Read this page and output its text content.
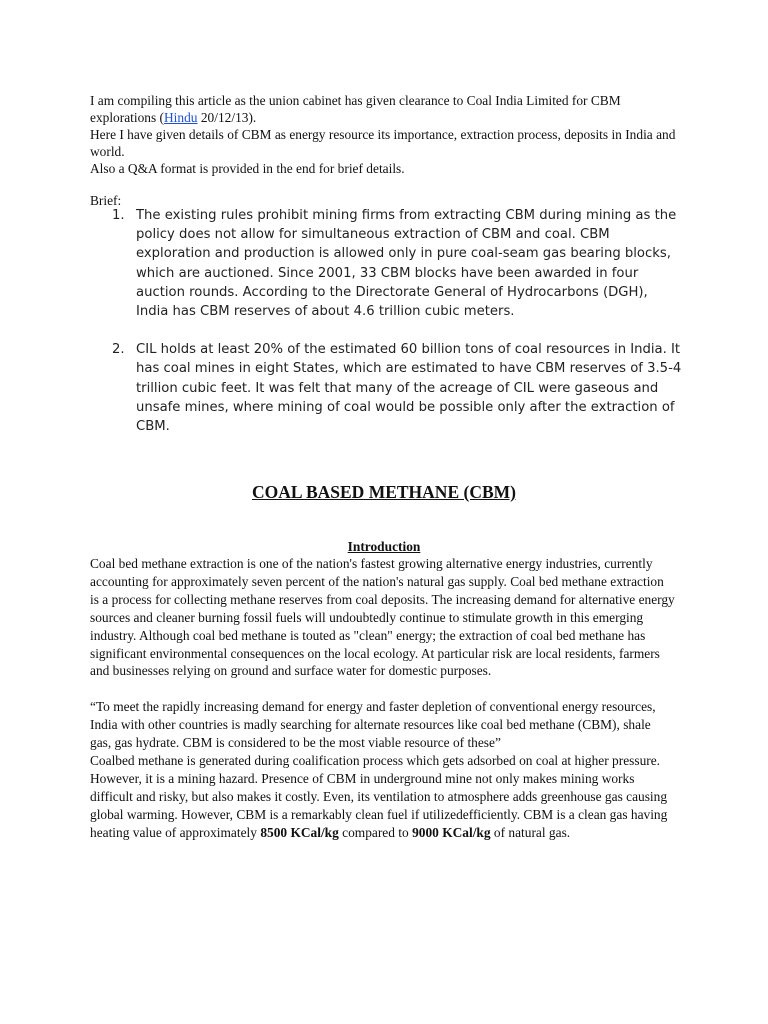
I am compiling this article as the union cabinet has given clearance to Coal India Limited for CBM explorations (Hindu 20/12/13).

Here I have given details of CBM as energy resource its importance, extraction process, deposits in India and world.

Also a Q&A format is provided in the end for brief details.

Brief:
1. The existing rules prohibit mining firms from extracting CBM during mining as the policy does not allow for simultaneous extraction of CBM and coal. CBM exploration and production is allowed only in pure coal-seam gas bearing blocks, which are auctioned. Since 2001, 33 CBM blocks have been awarded in four auction rounds. According to the Directorate General of Hydrocarbons (DGH), India has CBM reserves of about 4.6 trillion cubic meters.
2. CIL holds at least 20% of the estimated 60 billion tons of coal resources in India. It has coal mines in eight States, which are estimated to have CBM reserves of 3.5-4 trillion cubic feet. It was felt that many of the acreage of CIL were gaseous and unsafe mines, where mining of coal would be possible only after the extraction of CBM.
COAL BASED METHANE (CBM)
Introduction

Coal bed methane extraction is one of the nation's fastest growing alternative energy industries, currently accounting for approximately seven percent of the nation's natural gas supply. Coal bed methane extraction is a process for collecting methane reserves from coal deposits. The increasing demand for alternative energy sources and cleaner burning fossil fuels will undoubtedly continue to stimulate growth in this emerging industry. Although coal bed methane is touted as "clean" energy; the extraction of coal bed methane has significant environmental consequences on the local ecology. At particular risk are local residents, farmers and businesses relying on ground and surface water for domestic purposes.

“To meet the rapidly increasing demand for energy and faster depletion of conventional energy resources, India with other countries is madly searching for alternate resources like coal bed methane (CBM), shale gas, gas hydrate. CBM is considered to be the most viable resource of these”

Coalbed methane is generated during coalification process which gets adsorbed on coal at higher pressure.

However, it is a mining hazard. Presence of CBM in underground mine not only makes mining works difficult and risky, but also makes it costly. Even, its ventilation to atmosphere adds greenhouse gas causing global warming. However, CBM is a remarkably clean fuel if utilizedefficiently. CBM is a clean gas having heating value of approximately 8500 KCal/kg compared to 9000 KCal/kg of natural gas.
